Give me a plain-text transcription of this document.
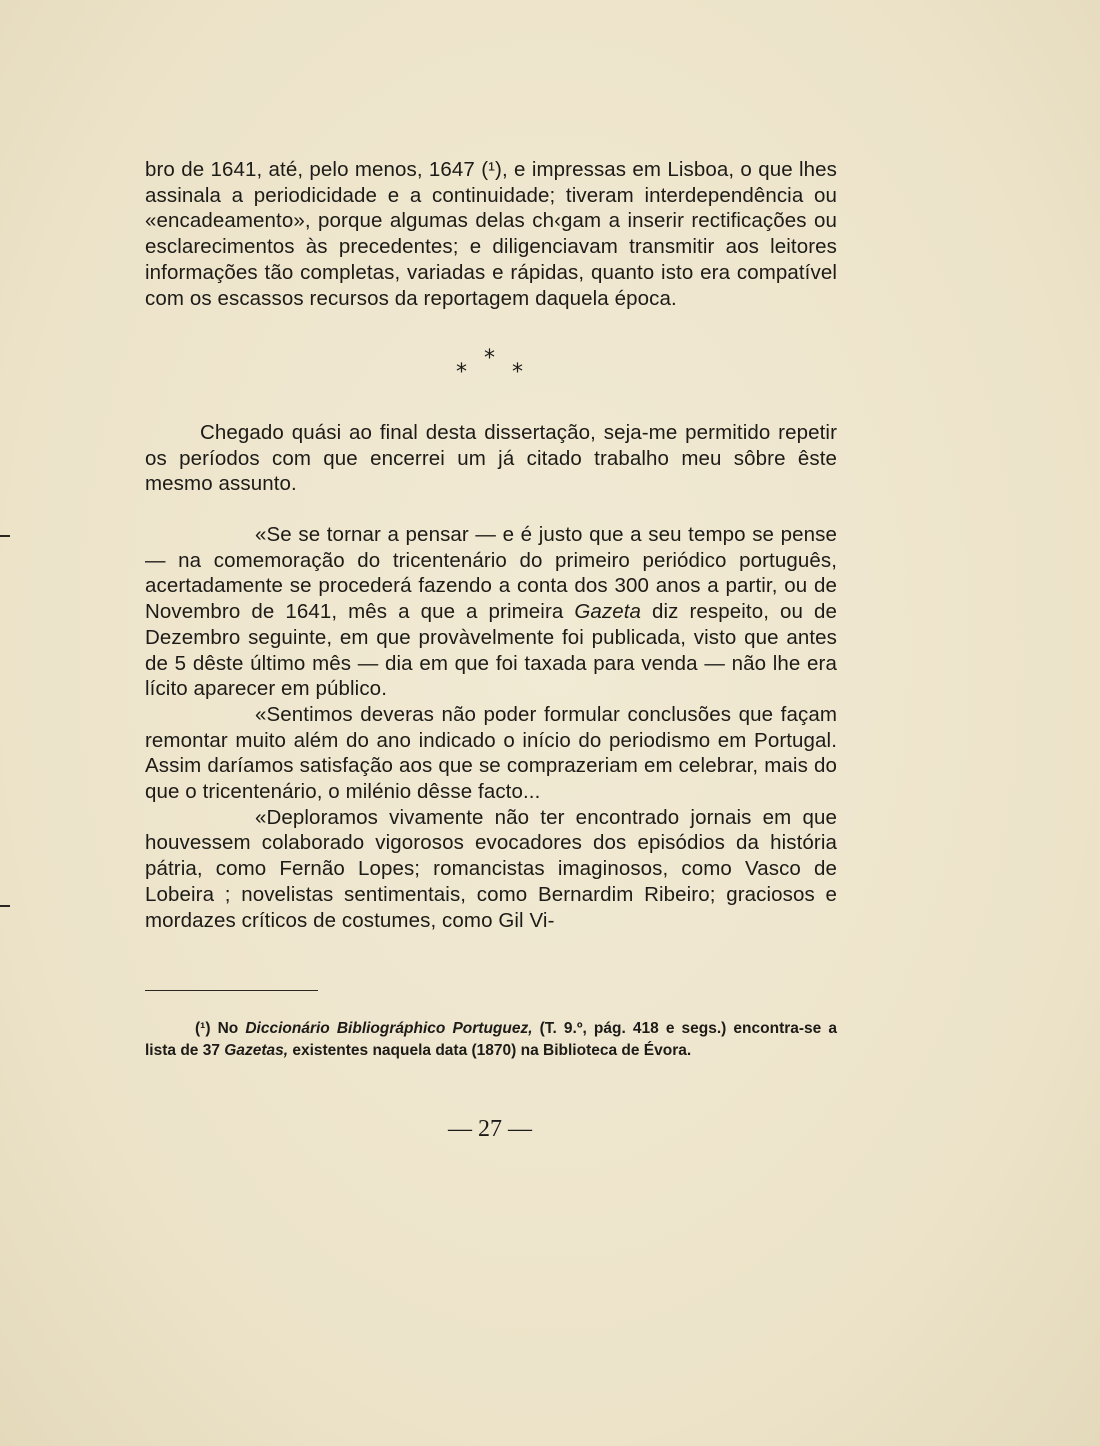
bro de 1641, até, pelo menos, 1647 (¹), e impressas em Lisboa, o que lhes assinala a periodicidade e a continuidade; tiveram interdependência ou «encadeamento», porque algumas delas ch‹gam a inserir rectificações ou esclarecimentos às precedentes; e diligenciavam transmitir aos leitores informações tão completas, variadas e rápidas, quanto isto era compatível com os escassos recursos da reportagem daquela época.

*
* *

Chegado quási ao final desta dissertação, seja-me permitido repetir os períodos com que encerrei um já citado trabalho meu sôbre êste mesmo assunto.

«Se se tornar a pensar — e é justo que a seu tempo se pense — na comemoração do tricentenário do primeiro periódico português, acertadamente se procederá fazendo a conta dos 300 anos a partir, ou de Novembro de 1641, mês a que a primeira Gazeta diz respeito, ou de Dezembro seguinte, em que provàvelmente foi publicada, visto que antes de 5 dêste último mês — dia em que foi taxada para venda — não lhe era lícito aparecer em público.

«Sentimos deveras não poder formular conclusões que façam remontar muito além do ano indicado o início do periodismo em Portugal. Assim daríamos satisfação aos que se comprazeriam em celebrar, mais do que o tricentenário, o milénio dêsse facto...

«Deploramos vivamente não ter encontrado jornais em que houvessem colaborado vigorosos evocadores dos episódios da história pátria, como Fernão Lopes; romancistas imaginosos, como Vasco de Lobeira ; novelistas sentimentais, como Bernardim Ribeiro; graciosos e mordazes críticos de costumes, como Gil Vi-

(¹) No Diccionário Bibliográphico Portuguez, (T. 9.º, pág. 418 e segs.) encontra-se a lista de 37 Gazetas, existentes naquela data (1870) na Biblioteca de Évora.

— 27 —
